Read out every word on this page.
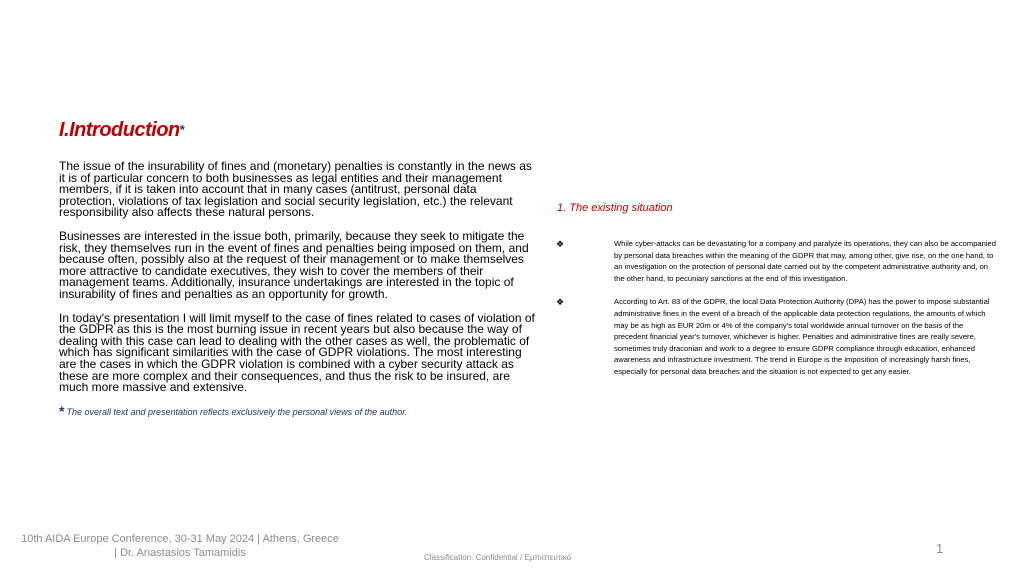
I.Introduction*

The issue of the insurability of fines and (monetary) penalties is constantly in the news as it is of particular concern to both businesses as legal entities and their management members, if it is taken into account that in many cases (antitrust, personal data protection, violations of tax legislation and social security legislation, etc.) the relevant responsibility also affects these natural persons.

Businesses are interested in the issue both, primarily, because they seek to mitigate the risk, they themselves run in the event of fines and penalties being imposed on them, and because often, possibly also at the request of their management or to make themselves more attractive to candidate executives, they wish to cover the members of their management teams. Additionally, insurance undertakings are interested in the topic of insurability of fines and penalties as an opportunity for growth.

In today's presentation I will limit myself to the case of fines related to cases of violation of the GDPR as this is the most burning issue in recent years but also because the way of dealing with this case can lead to dealing with the other cases as well, the problematic of which has significant similarities with the case of GDPR violations. The most interesting are the cases in which the GDPR violation is combined with a cyber security attack as these are more complex and their consequences, and thus the risk to be insured, are much more massive and extensive.

* The overall text and presentation reflects exclusively the personal views of the author.
1. The existing situation
❖	While cyber-attacks can be devastating for a company and paralyze its operations, they can also be accompanied by personal data breaches within the meaning of the GDPR that may, among other, give rise, on the one hand, to an investigation on the protection of personal date carried out by the competent administrative authority and, on the other hand, to pecuniary sanctions at the end of this investigation.
❖	According to Art. 83 of the GDPR, the local Data Protection Authority (DPA) has the power to impose substantial administrative fines in the event of a breach of the applicable data protection regulations, the amounts of which may be as high as EUR 20m or 4% of the company's total worldwide annual turnover on the basis of the precedent financial year's turnover, whichever is higher. Penalties and administrative fines are really severe, sometimes truly draconian and work to a degree to ensure GDPR compliance through education, enhanced awareness and infrastructure investment. The trend in Europe is the imposition of increasingly harsh fines, especially for personal data breaches and the situation is not expected to get any easier.
10th AIDA Europe Conference, 30-31 May 2024 | Athens, Greece | Dr. Anastasios Tamamidis	Classification: Confidential / Εμπιστευτικό
1
